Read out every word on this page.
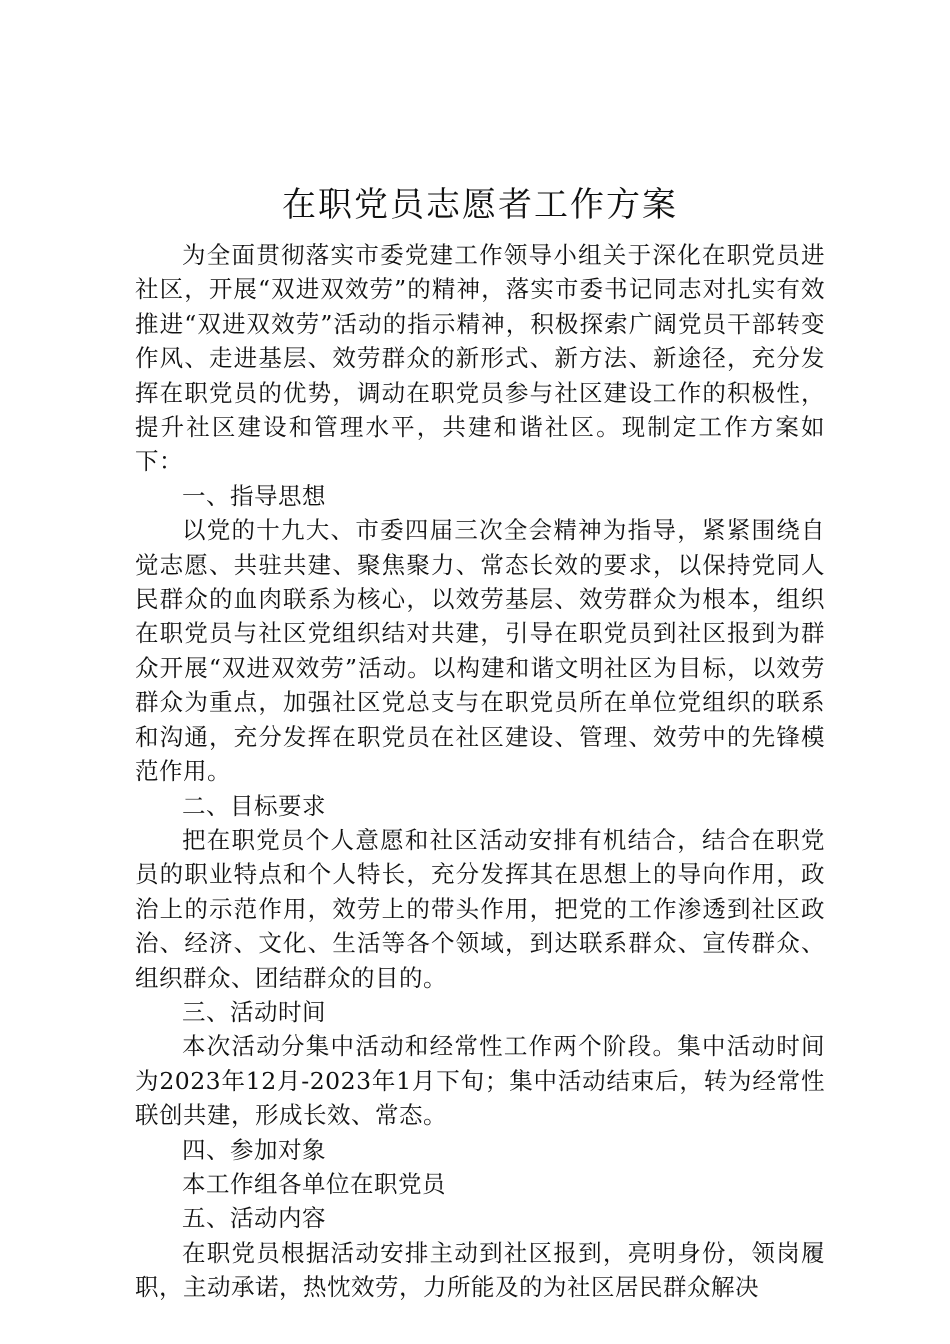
在职党员志愿者工作方案

为全面贯彻落实市委党建工作领导小组关于深化在职党员进社区，开展“双进双效劳”的精神，落实市委书记同志对扎实有效推进“双进双效劳”活动的指示精神，积极探索广阔党员干部转变作风、走进基层、效劳群众的新形式、新方法、新途径，充分发挥在职党员的优势，调动在职党员参与社区建设工作的积极性，提升社区建设和管理水平，共建和谐社区。现制定工作方案如下：

一、指导思想

以党的十九大、市委四届三次全会精神为指导，紧紧围绕自觉志愿、共驻共建、聚焦聚力、常态长效的要求，以保持党同人民群众的血肉联系为核心，以效劳基层、效劳群众为根本，组织在职党员与社区党组织结对共建，引导在职党员到社区报到为群众开展“双进双效劳”活动。以构建和谐文明社区为目标，以效劳群众为重点，加强社区党总支与在职党员所在单位党组织的联系和沟通，充分发挥在职党员在社区建设、管理、效劳中的先锋模范作用。

二、目标要求

把在职党员个人意愿和社区活动安排有机结合，结合在职党员的职业特点和个人特长，充分发挥其在思想上的导向作用，政治上的示范作用，效劳上的带头作用，把党的工作渗透到社区政治、经济、文化、生活等各个领域，到达联系群众、宣传群众、组织群众、团结群众的目的。

三、活动时间

本次活动分集中活动和经常性工作两个阶段。集中活动时间为2023年12月-2023年1月下旬；集中活动结束后，转为经常性联创共建，形成长效、常态。

四、参加对象

本工作组各单位在职党员

五、活动内容

在职党员根据活动安排主动到社区报到，亮明身份，领岗履职，主动承诺，热忱效劳，力所能及的为社区居民群众解决
